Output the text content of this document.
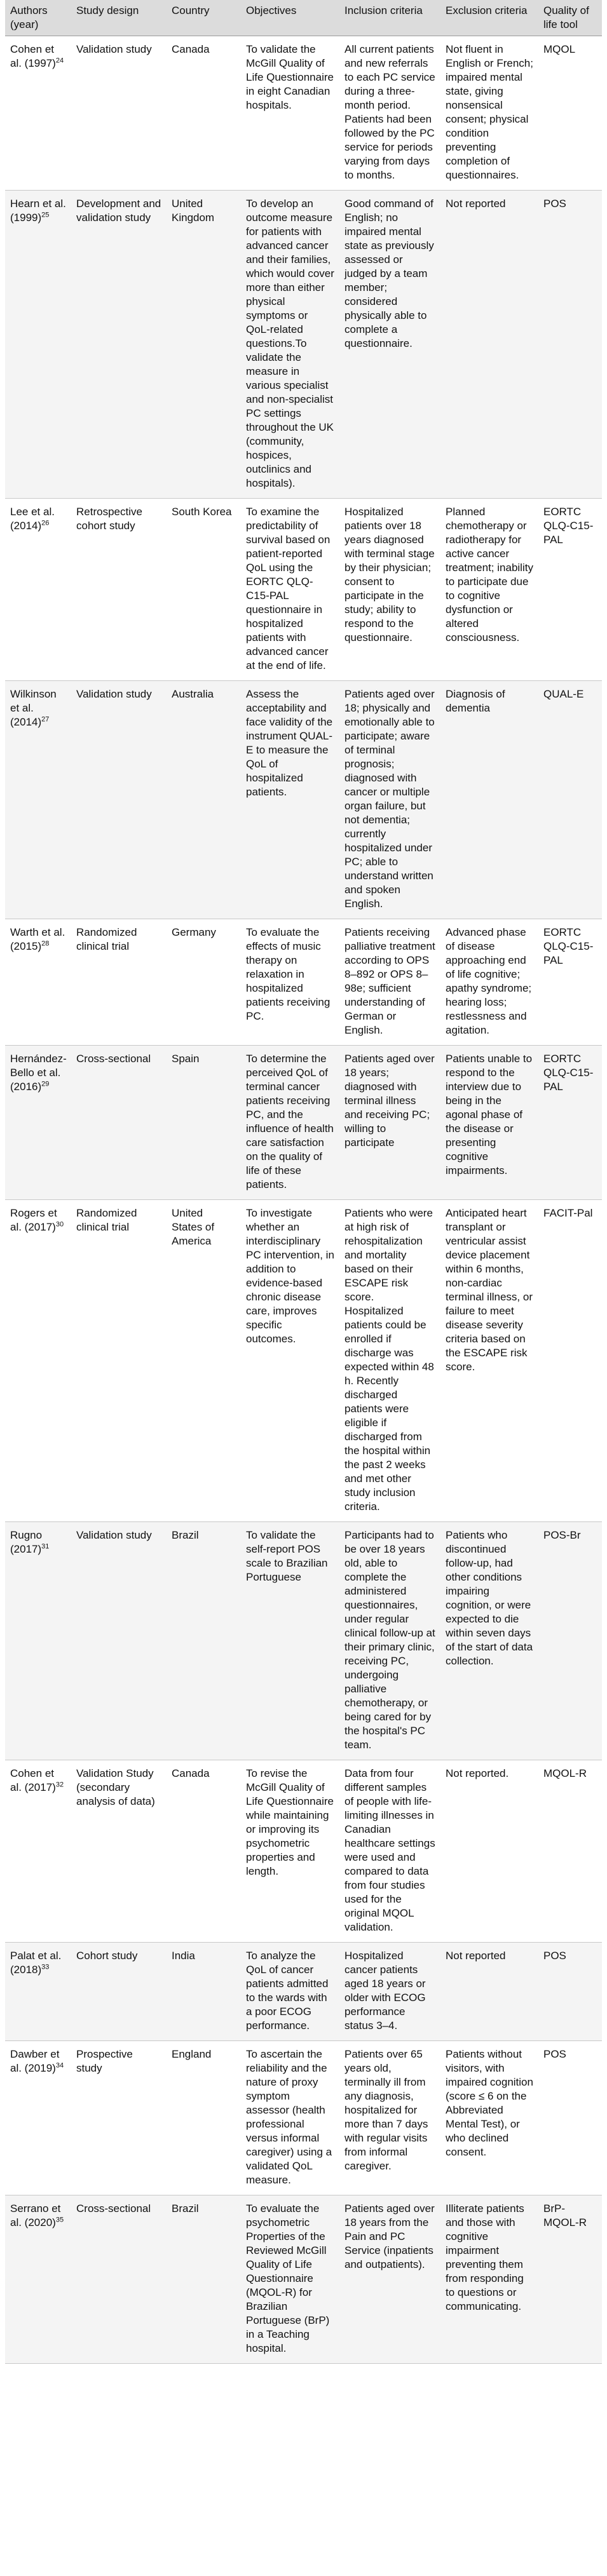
Authors (year)	Study design	Country	Objectives	Inclusion criteria	Exclusion criteria	Quality of life tool
Cohen et al. $(1997)^{24}$	Validation study	Canada	To validate the McGill Quality of Life Questionnaire in eight Canadian hospitals.	All current patients and new referrals to each PC service during a three-month period. Patients had been followed by the PC service for periods varying from days to months.	Not fluent in English or French; impaired mental state, giving nonsensical consent; physical condition preventing completion of questionnaires.	MQOL
Hearn et al. $(1999)^{25}$	Development and validation study	United Kingdom	To develop an outcome measure for patients with advanced cancer and their families, which would cover more than either physical symptoms or QoL-related questions.To validate the measure in various specialist and non-specialist PC settings throughout the UK (community, hospices, outclinics and hospitals).	Good command of English; no impaired mental state as previously assessed or judged by a team member; considered physically able to complete a questionnaire.	Not reported	POS
Lee et al. $(2014)^{26}$	Retrospective cohort study	South Korea	To examine the predictability of survival based on patient-reported QoL using the EORTC QLQ-C15-PAL questionnaire in hospitalized patients with advanced cancer at the end of life.	Hospitalized patients over 18 years diagnosed with terminal stage by their physician; consent to participate in the study; ability to respond to the questionnaire.	Planned chemotherapy or radiotherapy for active cancer treatment; inability to participate due to cognitive dysfunction or altered consciousness.	EORTC QLQ-C15-PAL
Wilkinson et al. $(2014)^{27}$	Validation study	Australia	Assess the acceptability and face validity of the instrument QUAL-E to measure the QoL of hospitalized patients.	Patients aged over 18; physically and emotionally able to participate; aware of terminal prognosis; diagnosed with cancer or multiple organ failure, but not dementia; currently hospitalized under PC; able to understand written and spoken English.	Diagnosis of dementia	QUAL-E
Warth et al. $(2015)^{28}$	Randomized clinical trial	Germany	To evaluate the effects of music therapy on relaxation in hospitalized patients receiving PC.	Patients receiving palliative treatment according to OPS 8–892 or OPS 8–98e; sufficient understanding of German or English.	Advanced phase of disease approaching end of life cognitive; apathy syndrome; hearing loss; restlessness and agitation.	EORTC QLQ-C15-PAL
Hernández-Bello et al. $(2016)^{29}$	Cross-sectional	Spain	To determine the perceived QoL of terminal cancer patients receiving PC, and the influence of health care satisfaction on the quality of life of these patients.	Patients aged over 18 years; diagnosed with terminal illness and receiving PC; willing to participate	Patients unable to respond to the interview due to being in the agonal phase of the disease or presenting cognitive impairments.	EORTC QLQ-C15-PAL
Rogers et al. $(2017)^{30}$	Randomized clinical trial	United States of America	To investigate whether an interdisciplinary PC intervention, in addition to evidence-based chronic disease care, improves specific outcomes.	Patients who were at high risk of rehospitalization and mortality based on their ESCAPE risk score. Hospitalized patients could be enrolled if discharge was expected within 48 h. Recently discharged patients were eligible if discharged from the hospital within the past 2 weeks and met other study inclusion criteria.	Anticipated heart transplant or ventricular assist device placement within 6 months, non-cardiac terminal illness, or failure to meet disease severity criteria based on the ESCAPE risk score.	FACIT-Pal
Rugno $(2017)^{31}$	Validation study	Brazil	To validate the self-report POS scale to Brazilian Portuguese	Participants had to be over 18 years old, able to complete the administered questionnaires, under regular clinical follow-up at their primary clinic, receiving PC, undergoing palliative chemotherapy, or being cared for by the hospital's PC team.	Patients who discontinued follow-up, had other conditions impairing cognition, or were expected to die within seven days of the start of data collection.	POS-Br
Cohen et al. $(2017)^{32}$	Validation Study (secondary analysis of data)	Canada	To revise the McGill Quality of Life Questionnaire while maintaining or improving its psychometric properties and length.	Data from four different samples of people with life-limiting illnesses in Canadian healthcare settings were used and compared to data from four studies used for the original MQOL validation.	Not reported.	MQOL-R
Palat et al. $(2018)^{33}$	Cohort study	India	To analyze the QoL of cancer patients admitted to the wards with a poor ECOG performance.	Hospitalized cancer patients aged 18 years or older with ECOG performance status 3–4.	Not reported	POS
Dawber et al. $(2019)^{34}$	Prospective study	England	To ascertain the reliability and the nature of proxy symptom assessor (health professional versus informal caregiver) using a validated QoL measure.	Patients over 65 years old, terminally ill from any diagnosis, hospitalized for more than 7 days with regular visits from informal caregiver.	Patients without visitors, with impaired cognition (score ≤ 6 on the Abbreviated Mental Test), or who declined consent.	POS
Serrano et al. $(2020)^{35}$	Cross-sectional	Brazil	To evaluate the psychometric Properties of the Reviewed McGill Quality of Life Questionnaire (MQOL-R) for Brazilian Portuguese (BrP) in a Teaching hospital.	Patients aged over 18 years from the Pain and PC Service (inpatients and outpatients).	Illiterate patients and those with cognitive impairment preventing them from responding to questions or communicating.	BrP-MQOL-R
